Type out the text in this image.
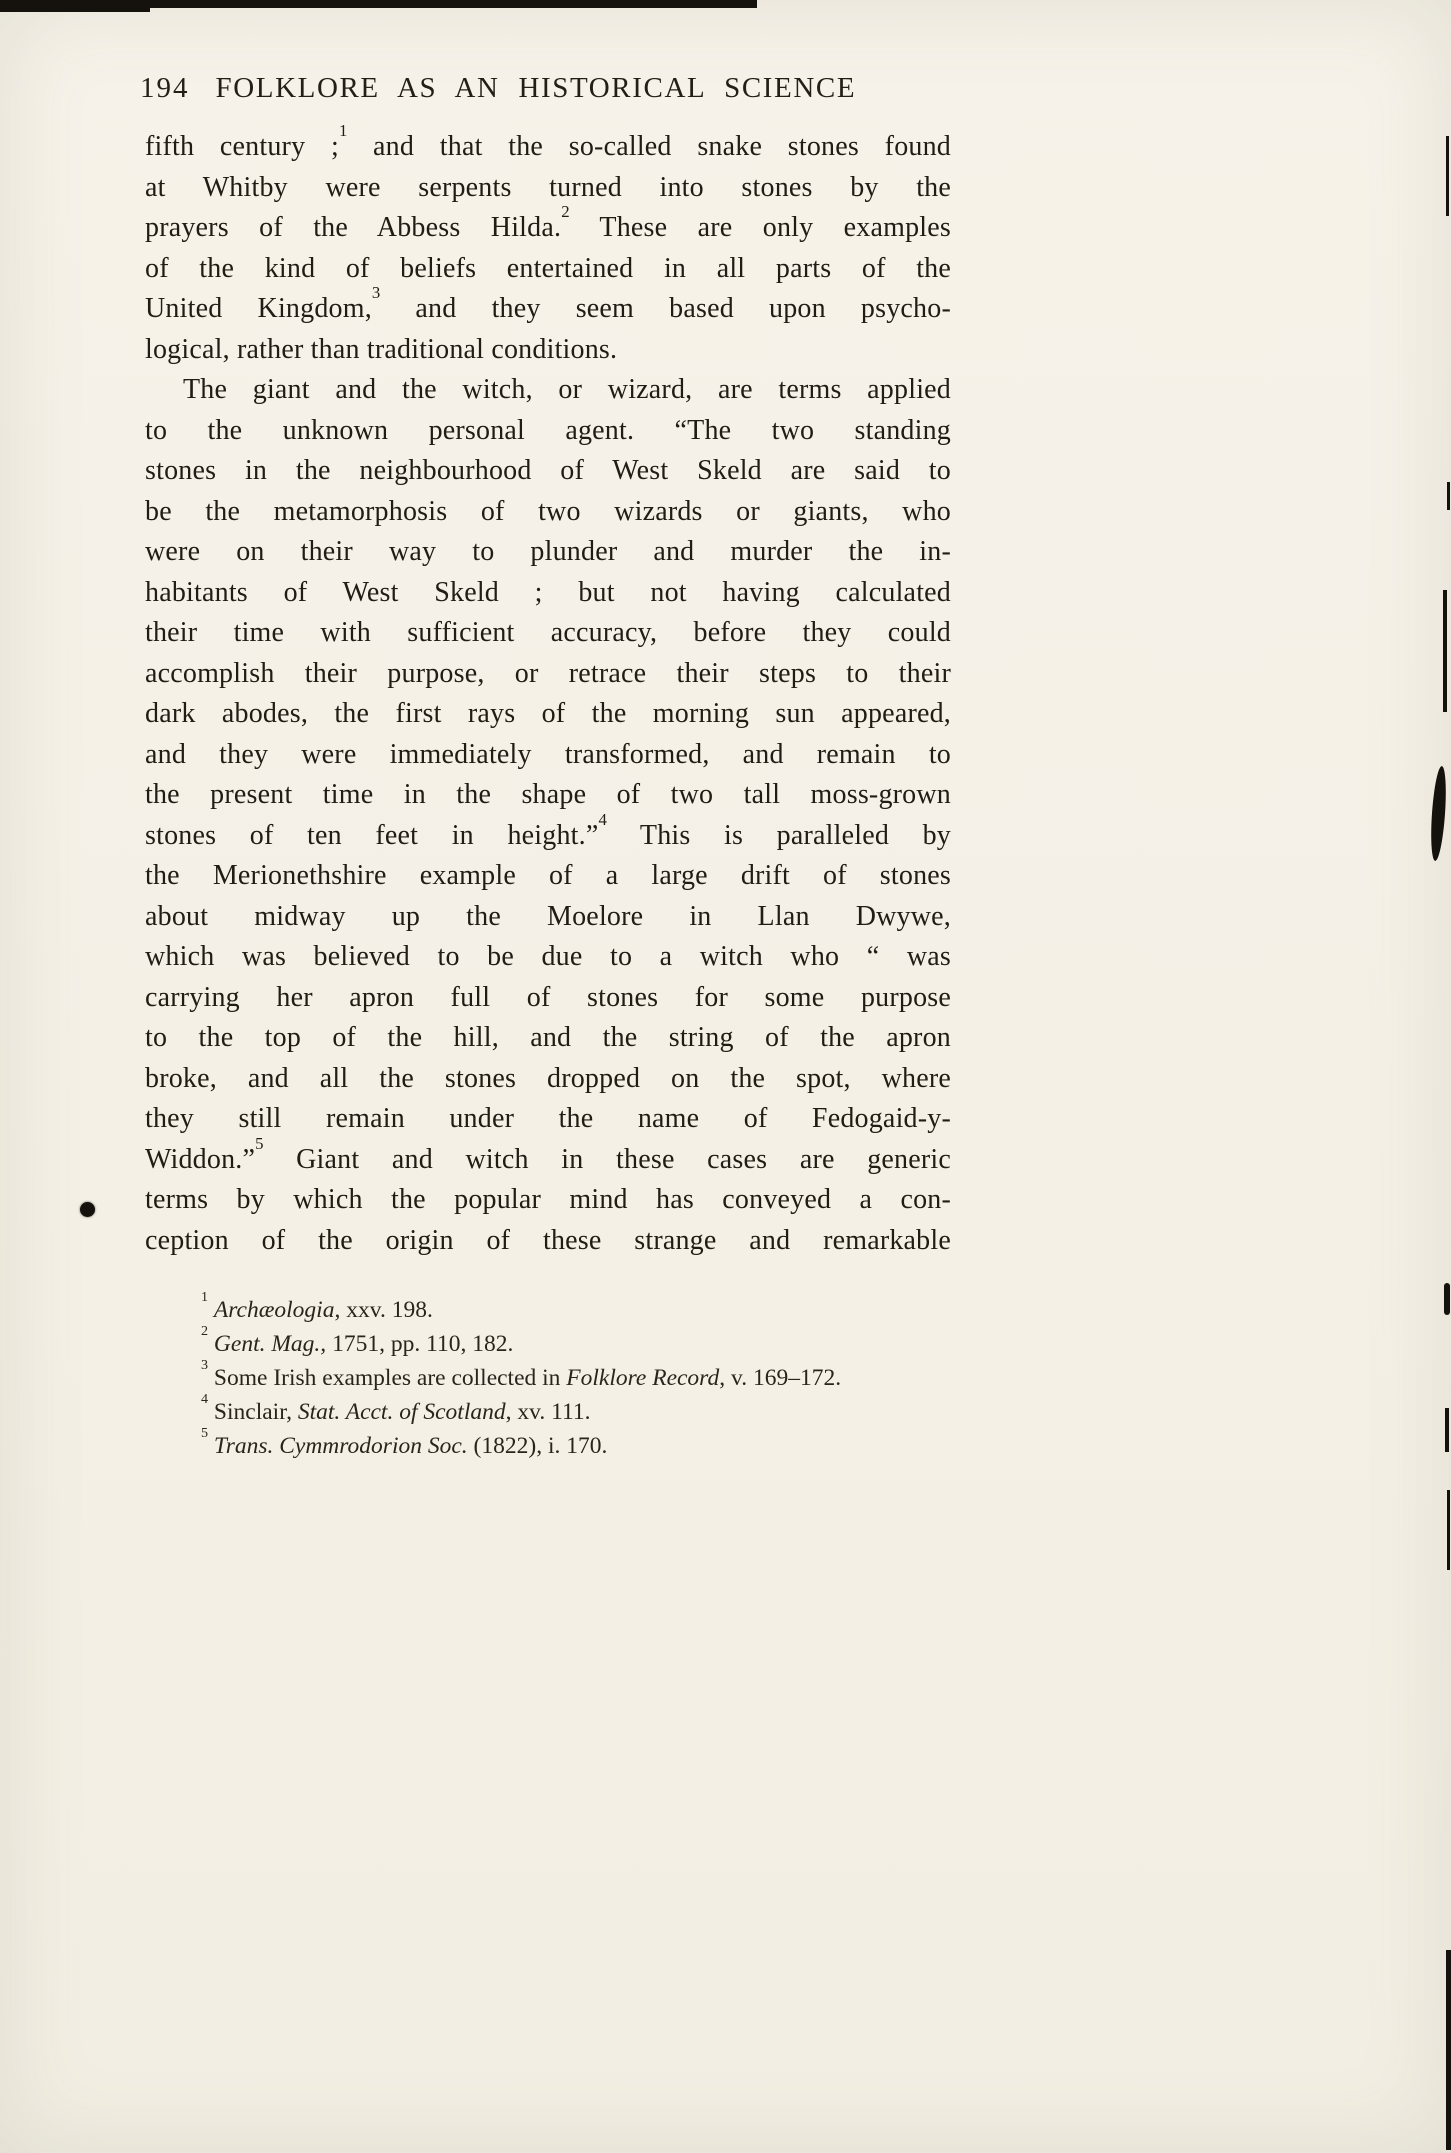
194 FOLKLORE AS AN HISTORICAL SCIENCE
fifth century ;$^1$ and that the so-called snake stones found
at Whitby were serpents turned into stones by the
prayers of the Abbess Hilda.$^2$ These are only examples
of the kind of beliefs entertained in all parts of the
United Kingdom,$^3$ and they seem based upon psycho-
logical, rather than traditional conditions.
The giant and the witch, or wizard, are terms applied
to the unknown personal agent. “The two standing
stones in the neighbourhood of West Skeld are said to
be the metamorphosis of two wizards or giants, who
were on their way to plunder and murder the in-
habitants of West Skeld ; but not having calculated
their time with sufficient accuracy, before they could
accomplish their purpose, or retrace their steps to their
dark abodes, the first rays of the morning sun appeared,
and they were immediately transformed, and remain to
the present time in the shape of two tall moss-grown
stones of ten feet in height.”$^4$ This is paralleled by
the Merionethshire example of a large drift of stones
about midway up the Moelore in Llan Dwywe,
which was believed to be due to a witch who “ was
carrying her apron full of stones for some purpose
to the top of the hill, and the string of the apron
broke, and all the stones dropped on the spot, where
they still remain under the name of Fedogaid-y-
Widdon.”$^5$ Giant and witch in these cases are generic
terms by which the popular mind has conveyed a con-
ception of the origin of these strange and remarkable
$^1$ Archæologia, xxv. 198.
$^2$ Gent. Mag., 1751, pp. 110, 182.
$^3$ Some Irish examples are collected in Folklore Record, v. 169–172.
$^4$ Sinclair, Stat. Acct. of Scotland, xv. 111.
$^5$ Trans. Cymmrodorion Soc. (1822), i. 170.
